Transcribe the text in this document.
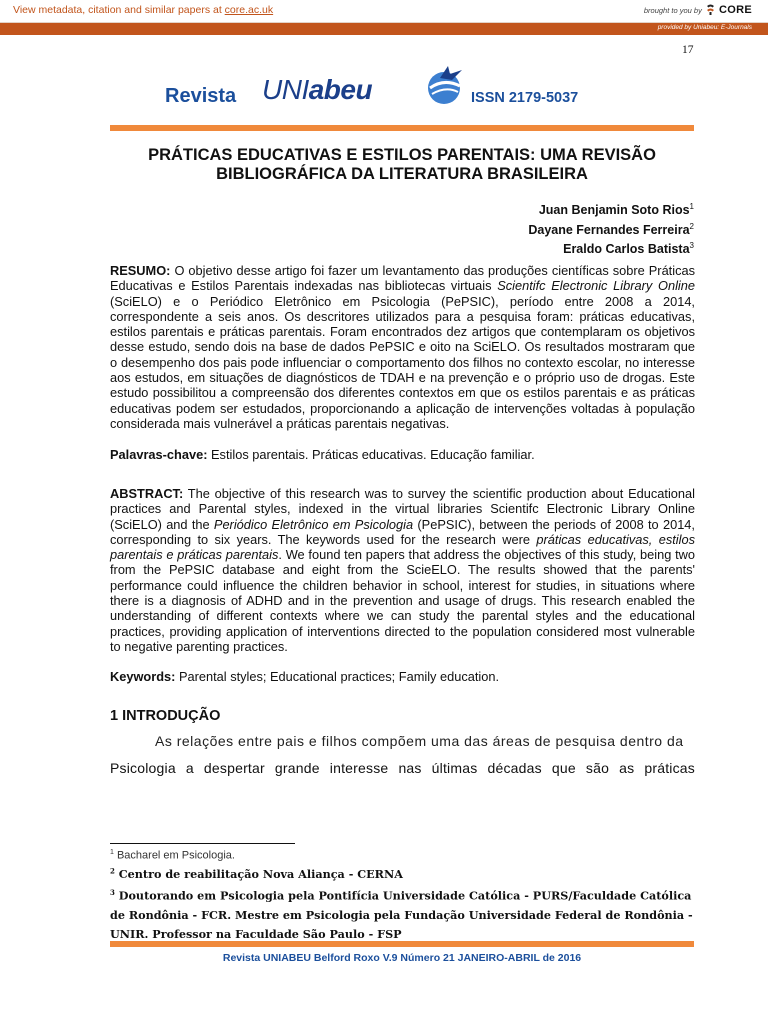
View metadata, citation and similar papers at core.ac.uk	brought to you by CORE
provided by Uniabeu: E-Journals
17
Revista UNIabeu	ISSN 2179-5037
PRÁTICAS EDUCATIVAS E ESTILOS PARENTAIS: UMA REVISÃO
BIBLIOGRÁFICA DA LITERATURA BRASILEIRA
Juan Benjamin Soto Rios$^1$
Dayane Fernandes Ferreira$^2$
Eraldo Carlos Batista$^3$
RESUMO: O objetivo desse artigo foi fazer um levantamento das produções científicas sobre Práticas Educativas e Estilos Parentais indexadas nas bibliotecas virtuais Scientifc Electronic Library Online (SciELO) e o Periódico Eletrônico em Psicologia (PePSIC), período entre 2008 a 2014, correspondente a seis anos. Os descritores utilizados para a pesquisa foram: práticas educativas, estilos parentais e práticas parentais. Foram encontrados dez artigos que contemplaram os objetivos desse estudo, sendo dois na base de dados PePSIC e oito na SciELO. Os resultados mostraram que o desempenho dos pais pode influenciar o comportamento dos filhos no contexto escolar, no interesse aos estudos, em situações de diagnósticos de TDAH e na prevenção e o próprio uso de drogas. Este estudo possibilitou a compreensão dos diferentes contextos em que os estilos parentais e as práticas educativas podem ser estudados, proporcionando a aplicação de intervenções voltadas à população considerada mais vulnerável a práticas parentais negativas.
Palavras-chave: Estilos parentais. Práticas educativas. Educação familiar.
ABSTRACT: The objective of this research was to survey the scientific production about Educational practices and Parental styles, indexed in the virtual libraries Scientifc Electronic Library Online (SciELO) and the Periódico Eletrônico em Psicologia (PePSIC), between the periods of 2008 to 2014, corresponding to six years. The keywords used for the research were práticas educativas, estilos parentais e práticas parentais. We found ten papers that address the objectives of this study, being two from the PePSIC database and eight from the ScieELO. The results showed that the parents' performance could influence the children behavior in school, interest for studies, in situations where there is a diagnosis of ADHD and in the prevention and usage of drugs. This research enabled the understanding of different contexts where we can study the parental styles and the educational practices, providing application of interventions directed to the population considered most vulnerable to negative parenting practices.
Keywords: Parental styles; Educational practices; Family education.
1 INTRODUÇÃO
As relações entre pais e filhos compõem uma das áreas de pesquisa dentro da
Psicologia a despertar grande interesse nas últimas décadas que são as práticas
$^1$ Bacharel em Psicologia.
$^2$ Centro de reabilitação Nova Aliança - CERNA
$^3$ Doutorando em Psicologia pela Pontifícia Universidade Católica - PURS/Faculdade Católica de Rondônia - FCR. Mestre em Psicologia pela Fundação Universidade Federal de Rondônia - UNIR. Professor na Faculdade São Paulo - FSP
Revista UNIABEU Belford Roxo V.9 Número 21 JANEIRO-ABRIL de 2016
